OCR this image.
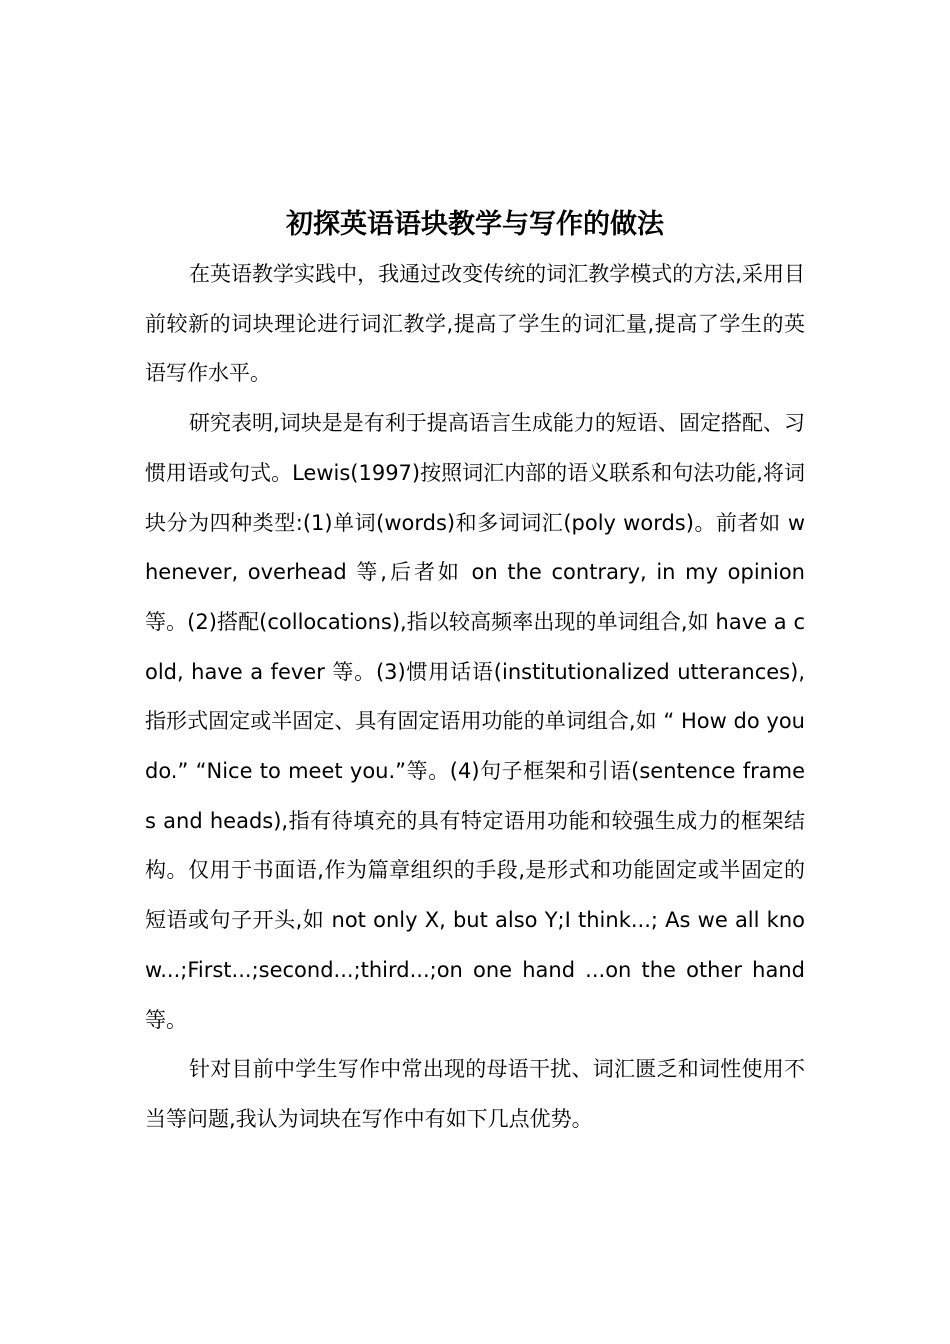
初探英语语块教学与写作的做法

在英语教学实践中，我通过改变传统的词汇教学模式的方法,采用目前较新的词块理论进行词汇教学,提高了学生的词汇量,提高了学生的英语写作水平。

研究表明,词块是是有利于提高语言生成能力的短语、固定搭配、习惯用语或句式。Lewis(1997)按照词汇内部的语义联系和句法功能,将词块分为四种类型:(1)单词(words)和多词词汇(poly words)。前者如 whenever, overhead 等,后者如 on the contrary, in my opinion 等。(2)搭配(collocations),指以较高频率出现的单词组合,如 have a cold, have a fever 等。(3)惯用话语(institutionalized utterances),指形式固定或半固定、具有固定语用功能的单词组合,如 “ How do you do.” “Nice to meet you.”等。(4)句子框架和引语(sentence frames and heads),指有待填充的具有特定语用功能和较强生成力的框架结构。仅用于书面语,作为篇章组织的手段,是形式和功能固定或半固定的短语或句子开头,如 not only X, but also Y;I think...; As we all know...;First...;second...;third...;on one hand ...on the other hand 等。

针对目前中学生写作中常出现的母语干扰、词汇匮乏和词性使用不当等问题,我认为词块在写作中有如下几点优势。
